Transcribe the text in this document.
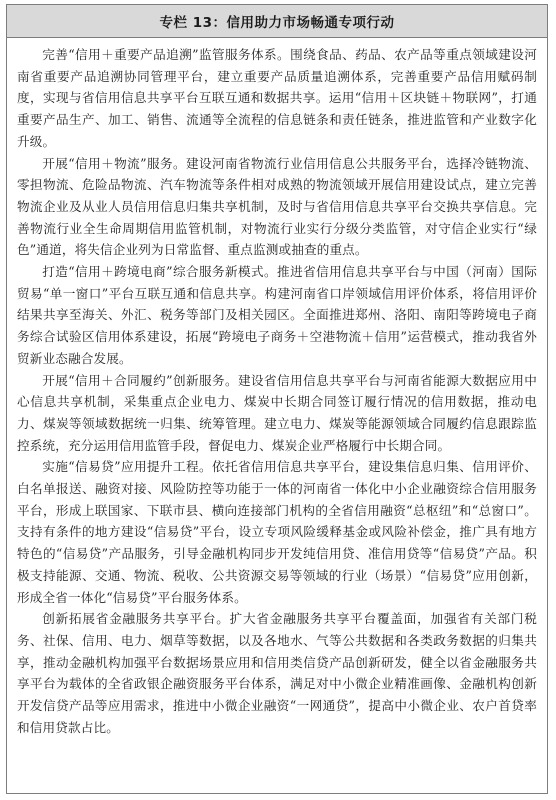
专栏 13：信用助力市场畅通专项行动

完善“信用＋重要产品追溯”监管服务体系。围绕食品、药品、农产品等重点领域建设河南省重要产品追溯协同管理平台，建立重要产品质量追溯体系，完善重要产品信用赋码制度，实现与省信用信息共享平台互联互通和数据共享。运用“信用＋区块链＋物联网”，打通重要产品生产、加工、销售、流通等全流程的信息链条和责任链条，推进监管和产业数字化升级。

开展“信用＋物流”服务。建设河南省物流行业信用信息公共服务平台，选择冷链物流、零担物流、危险品物流、汽车物流等条件相对成熟的物流领域开展信用建设试点，建立完善物流企业及从业人员信用信息归集共享机制，及时与省信用信息共享平台交换共享信息。完善物流行业全生命周期信用监管机制，对物流行业实行分级分类监管，对守信企业实行“绿色”通道，将失信企业列为日常监督、重点监测或抽查的重点。

打造“信用＋跨境电商”综合服务新模式。推进省信用信息共享平台与中国（河南）国际贸易“单一窗口”平台互联互通和信息共享。构建河南省口岸领域信用评价体系，将信用评价结果共享至海关、外汇、税务等部门及相关园区。全面推进郑州、洛阳、南阳等跨境电子商务综合试验区信用体系建设，拓展“跨境电子商务＋空港物流＋信用”运营模式，推动我省外贸新业态融合发展。

开展“信用＋合同履约”创新服务。建设省信用信息共享平台与河南省能源大数据应用中心信息共享机制，采集重点企业电力、煤炭中长期合同签订履行情况的信用数据，推动电力、煤炭等领域数据统一归集、统筹管理。建立电力、煤炭等能源领域合同履约信息跟踪监控系统，充分运用信用监管手段，督促电力、煤炭企业严格履行中长期合同。

实施“信易贷”应用提升工程。依托省信用信息共享平台，建设集信息归集、信用评价、白名单报送、融资对接、风险防控等功能于一体的河南省一体化中小企业融资综合信用服务平台，形成上联国家、下联市县、横向连接部门机构的全省信用融资“总枢纽”和“总窗口”。支持有条件的地方建设“信易贷”平台，设立专项风险缓释基金或风险补偿金，推广具有地方特色的“信易贷”产品服务，引导金融机构同步开发纯信用贷、准信用贷等“信易贷”产品。积极支持能源、交通、物流、税收、公共资源交易等领域的行业（场景）“信易贷”应用创新，形成全省一体化“信易贷”平台服务体系。

创新拓展省金融服务共享平台。扩大省金融服务共享平台覆盖面，加强省有关部门税务、社保、信用、电力、烟草等数据，以及各地水、气等公共数据和各类政务数据的归集共享，推动金融机构加强平台数据场景应用和信用类信贷产品创新研发，健全以省金融服务共享平台为载体的全省政银企融资服务平台体系，满足对中小微企业精准画像、金融机构创新开发信贷产品等应用需求，推进中小微企业融资“一网通贷”，提高中小微企业、农户首贷率和信用贷款占比。
